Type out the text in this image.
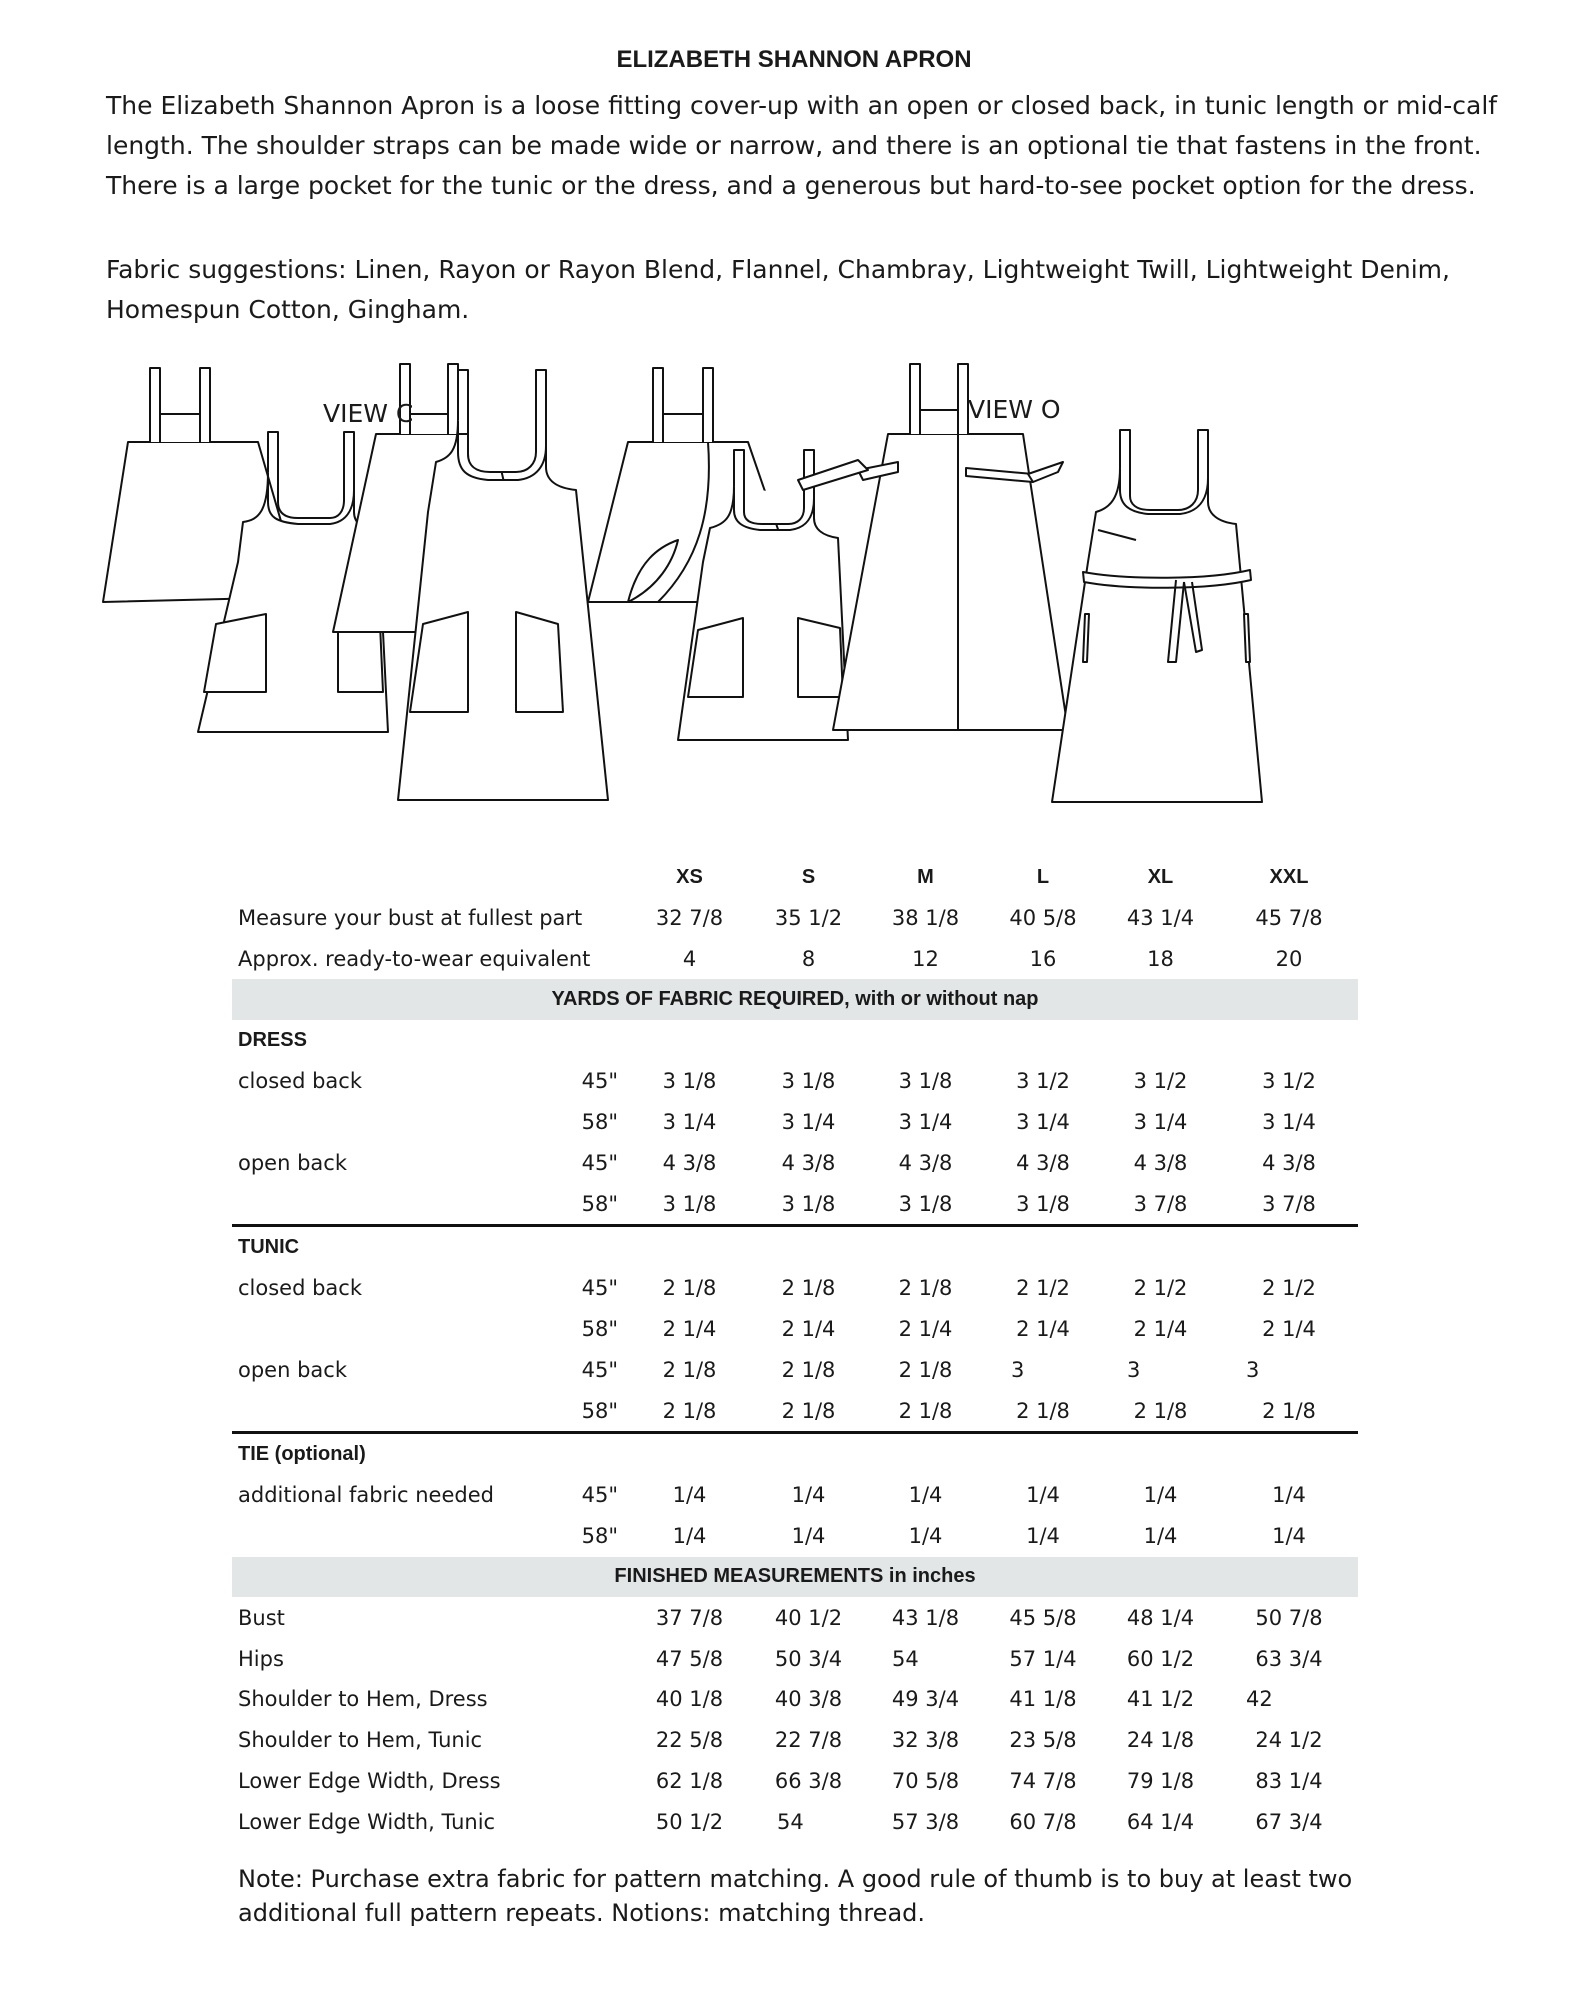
ELIZABETH SHANNON APRON

The Elizabeth Shannon Apron is a loose fitting cover-up with an open or closed back, in tunic length or mid-calf length. The shoulder straps can be made wide or narrow, and there is an optional tie that fastens in the front. There is a large pocket for the tunic or the dress, and a generous but hard-to-see pocket option for the dress.

Fabric suggestions: Linen, Rayon or Rayon Blend, Flannel, Chambray, Lightweight Twill, Lightweight Denim, Homespun Cotton, Gingham.

VIEW C	VIEW O
		XS	S	M	L	XL	XXL
Measure your bust at fullest part		32 7/8	35 1/2	38 1/8	40 5/8	43 1/4	45 7/8
Approx. ready-to-wear equivalent		4	8	12	16	18	20
YARDS OF FABRIC REQUIRED, with or without nap							
DRESS							
closed back	45"	3 1/8	3 1/8	3 1/8	3 1/2	3 1/2	3 1/2
	58"	3 1/4	3 1/4	3 1/4	3 1/4	3 1/4	3 1/4
open back	45"	4 3/8	4 3/8	4 3/8	4 3/8	4 3/8	4 3/8
	58"	3 1/8	3 1/8	3 1/8	3 1/8	3 7/8	3 7/8
TUNIC							
closed back	45"	2 1/8	2 1/8	2 1/8	2 1/2	2 1/2	2 1/2
	58"	2 1/4	2 1/4	2 1/4	2 1/4	2 1/4	2 1/4
open back	45"	2 1/8	2 1/8	2 1/8	3	3	3
	58"	2 1/8	2 1/8	2 1/8	2 1/8	2 1/8	2 1/8
TIE (optional)							
additional fabric needed	45"	1/4	1/4	1/4	1/4	1/4	1/4
	58"	1/4	1/4	1/4	1/4	1/4	1/4
FINISHED MEASUREMENTS in inches							
Bust		37 7/8	40 1/2	43 1/8	45 5/8	48 1/4	50 7/8
Hips		47 5/8	50 3/4	54	57 1/4	60 1/2	63 3/4
Shoulder to Hem, Dress		40 1/8	40 3/8	49 3/4	41 1/8	41 1/2	42
Shoulder to Hem, Tunic		22 5/8	22 7/8	32 3/8	23 5/8	24 1/8	24 1/2
Lower Edge Width, Dress		62 1/8	66 3/8	70 5/8	74 7/8	79 1/8	83 1/4
Lower Edge Width, Tunic		50 1/2	54	57 3/8	60 7/8	64 1/4	67 3/4

Note: Purchase extra fabric for pattern matching. A good rule of thumb is to buy at least two additional full pattern repeats. Notions: matching thread.
